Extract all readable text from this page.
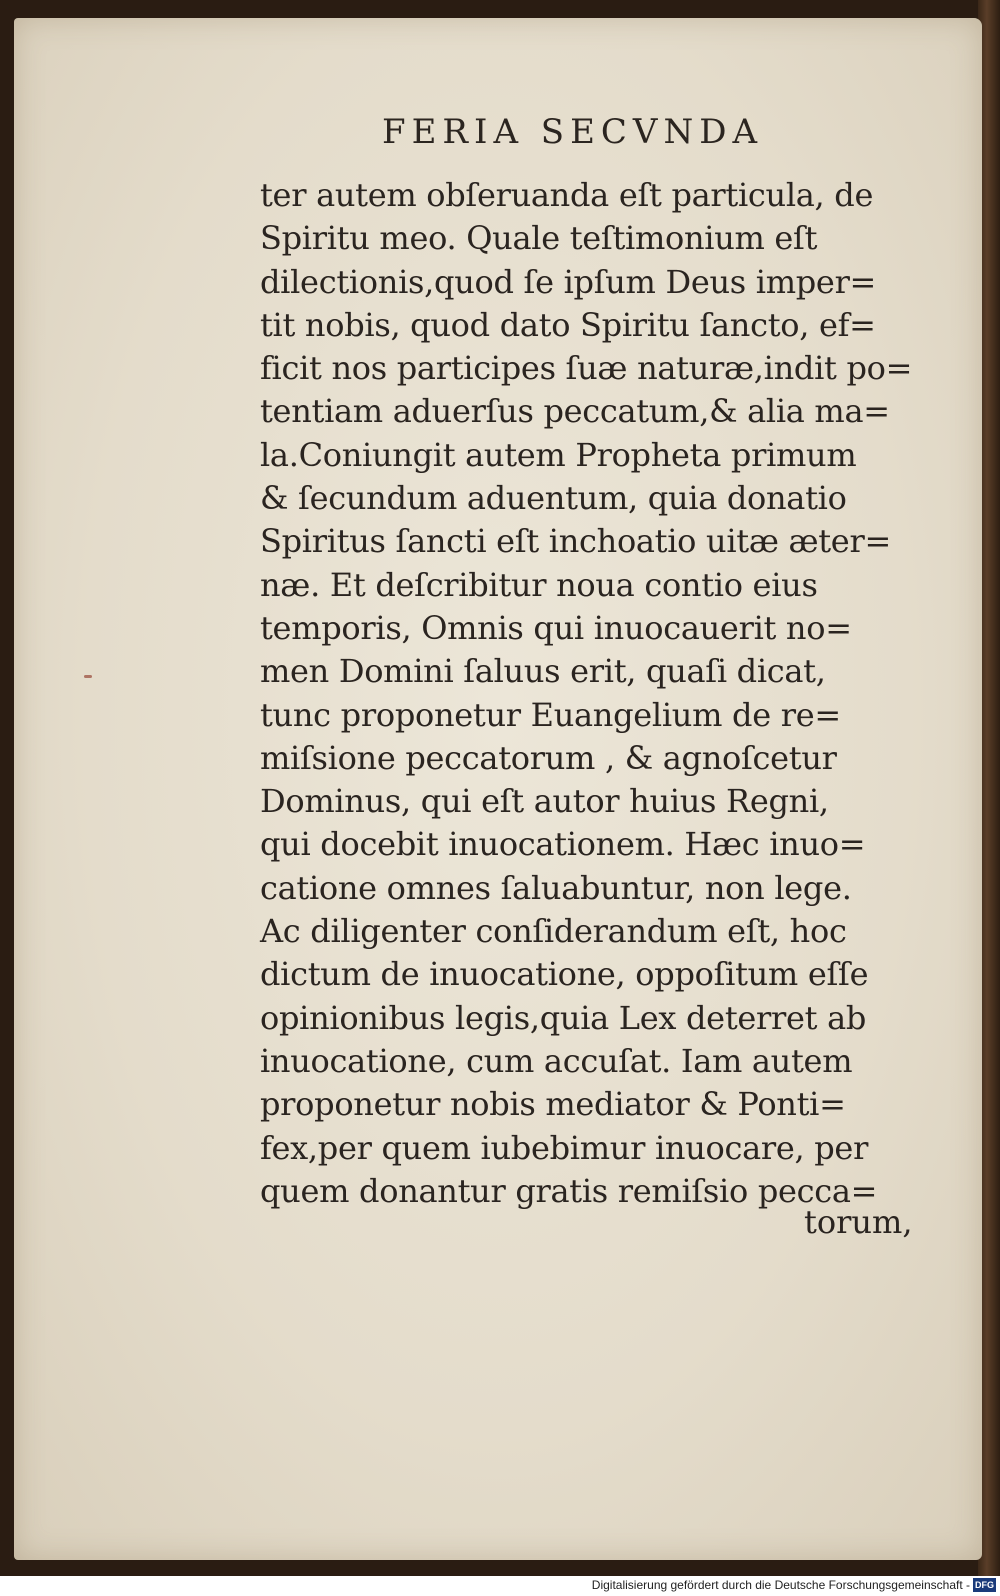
FERIA SECVNDA
ter autem obſeruanda eſt particula, de
Spiritu meo. Quale teſtimonium eſt
dilectionis,quod ſe ipſum Deus imper=
tit nobis, quod dato Spiritu ſancto, ef=
ficit nos participes ſuæ naturæ,indit po=
tentiam aduerſus peccatum,& alia ma=
la.Coniungit autem Propheta primum
& ſecundum aduentum, quia donatio
Spiritus ſancti eſt inchoatio uitæ æter=
næ. Et deſcribitur noua contio eius
temporis, Omnis qui inuocauerit no=
men Domini ſaluus erit, quaſi dicat,
tunc proponetur Euangelium de re=
miſsione peccatorum , & agnoſcetur
Dominus, qui eſt autor huius Regni,
qui docebit inuocationem. Hæc inuo=
catione omnes ſaluabuntur, non lege.
Ac diligenter conſiderandum eſt, hoc
dictum de inuocatione, oppoſitum eſſe
opinionibus legis,quia Lex deterret ab
inuocatione, cum accuſat. Iam autem
proponetur nobis mediator & Ponti=
fex,per quem iubebimur inuocare, per
quem donantur gratis remiſsio pecca=
torum,
Digitalisierung gefördert durch die Deutsche Forschungsgemeinschaft - DFG
